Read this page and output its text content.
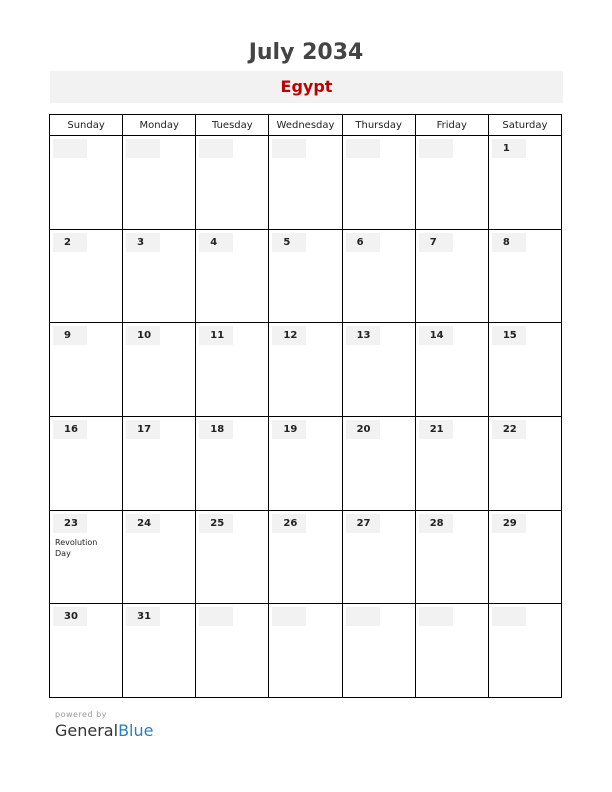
July 2034
Egypt
Sunday	Monday	Tuesday	Wednesday	Thursday	Friday	Saturday

						1

2	3	4	5	6	7	8

9	10	11	12	13	14	15

16	17	18	19	20	21	22

23
Revolution Day	24	25	26	27	28	29

30	31					

powered by
GeneralBlue
